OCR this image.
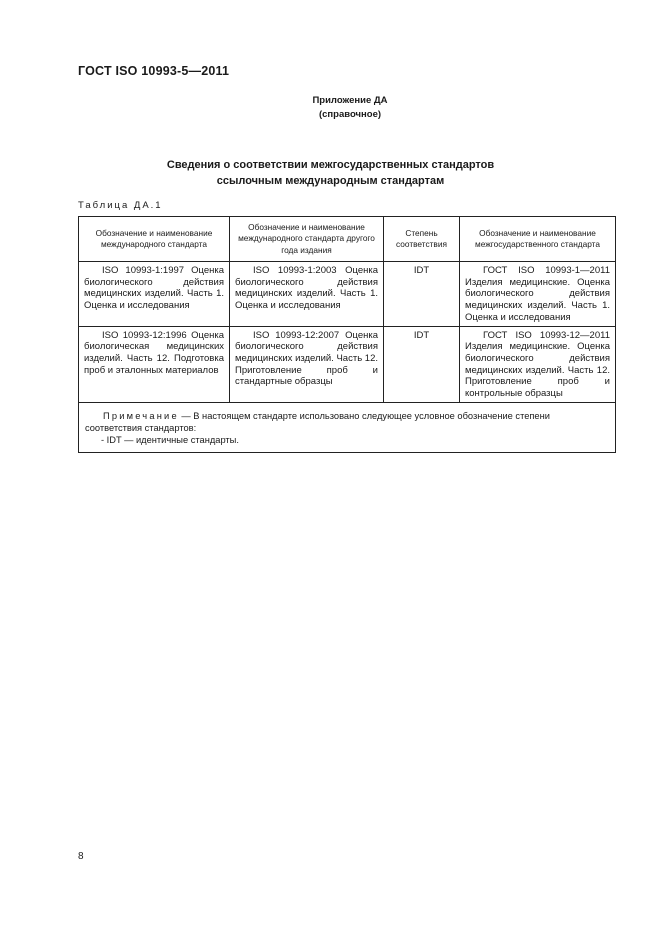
ГОСТ ISO 10993-5—2011
Приложение ДА
(справочное)
Сведения о соответствии межгосударственных стандартов
ссылочным международным стандартам
Таблица ДА.1
Обозначение и наименование международного стандарта	Обозначение и наименование международного стандарта другого года издания	Степень соответствия	Обозначение и наименование межгосударственного стандарта
ISO 10993-1:1997 Оценка биологического действия медицинских изделий. Часть 1. Оценка и исследования	ISO 10993-1:2003 Оценка биологического действия медицинских изделий. Часть 1. Оценка и исследования	IDT	ГОСТ ISO 10993-1—2011 Изделия медицинские. Оценка биологического действия медицинских изделий. Часть 1. Оценка и исследования
ISO 10993-12:1996 Оценка биологическая медицинских изделий. Часть 12. Подготовка проб и эталонных материалов	ISO 10993-12:2007 Оценка биологического действия медицинских изделий. Часть 12. Приготовление проб и стандартные образцы	IDT	ГОСТ ISO 10993-12—2011 Изделия медицинские. Оценка биологического действия медицинских изделий. Часть 12. Приготовление проб и контрольные образцы
Примечание — В настоящем стандарте использовано следующее условное обозначение степени соответствия стандартов:
- IDT — идентичные стандарты.			
8
